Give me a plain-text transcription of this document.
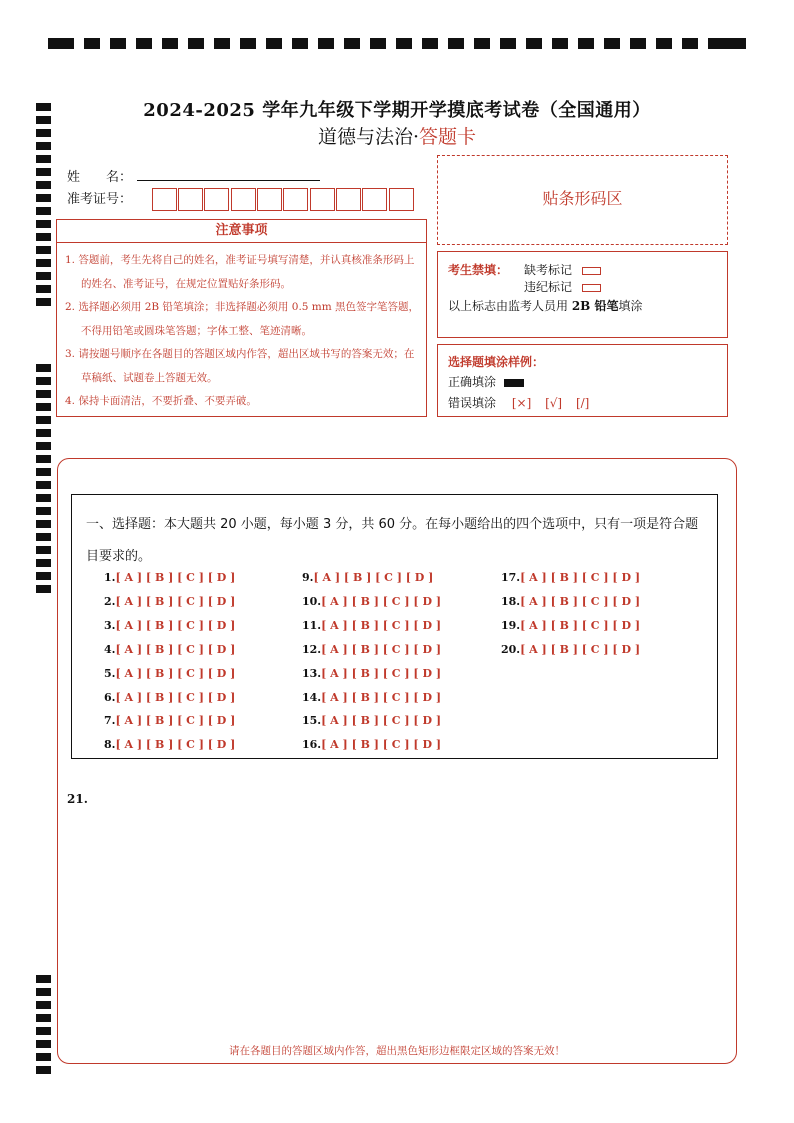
2024-2025 学年九年级下学期开学摸底考试卷（全国通用）
道德与法治·答题卡
姓　　名：
准考证号：	贴条形码区
注意事项
1. 答题前，考生先将自己的姓名，准考证号填写清楚，并认真核准条形码上的姓名、准考证号，在规定位置贴好条形码。
2. 选择题必须用 2B 铅笔填涂；非选择题必须用 0.5 mm 黑色签字笔答题，不得用铅笔或圆珠笔答题；字体工整、笔迹清晰。
3. 请按题号顺序在各题目的答题区域内作答，超出区域书写的答案无效；在草稿纸、试题卷上答题无效。
4. 保持卡面清洁，不要折叠、不要弄破。
考生禁填： 缺考标记
违纪标记
以上标志由监考人员用 2B 铅笔填涂
选择题填涂样例：
正确填涂
错误填涂 [×] [√] [/]
一、选择题：本大题共 20 小题，每小题 3 分，共 60 分。在每小题给出的四个选项中，只有一项是符合题目要求的。
1.[ A ] [ B ] [ C ] [ D ]
2.[ A ] [ B ] [ C ] [ D ]
3.[ A ] [ B ] [ C ] [ D ]
4.[ A ] [ B ] [ C ] [ D ]
5.[ A ] [ B ] [ C ] [ D ]
6.[ A ] [ B ] [ C ] [ D ]
7.[ A ] [ B ] [ C ] [ D ]
8.[ A ] [ B ] [ C ] [ D ]
9.[ A ] [ B ] [ C ] [ D ]
10.[ A ] [ B ] [ C ] [ D ]
11.[ A ] [ B ] [ C ] [ D ]
12.[ A ] [ B ] [ C ] [ D ]
13.[ A ] [ B ] [ C ] [ D ]
14.[ A ] [ B ] [ C ] [ D ]
15.[ A ] [ B ] [ C ] [ D ]
16.[ A ] [ B ] [ C ] [ D ]
17.[ A ] [ B ] [ C ] [ D ]
18.[ A ] [ B ] [ C ] [ D ]
19.[ A ] [ B ] [ C ] [ D ]
20.[ A ] [ B ] [ C ] [ D ]
21.
请在各题目的答题区域内作答，超出黑色矩形边框限定区域的答案无效！
